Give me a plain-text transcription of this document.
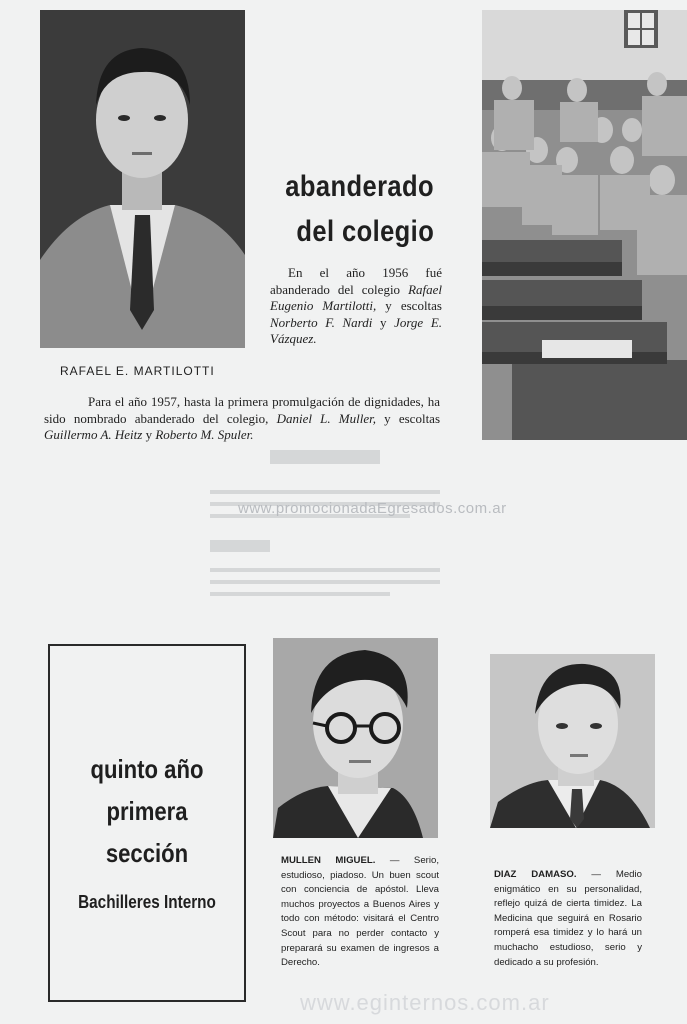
RAFAEL E. MARTILOTTI
abanderado
del colegio
En el año 1956 fué abanderado del colegio Rafael Eugenio Martilotti, y escoltas Norberto F. Nardi y Jorge E. Vázquez.
Para el año 1957, hasta la primera promulgación de dignidades, ha sido nombrado abanderado del colegio, Daniel L. Muller, y escoltas Guillermo A. Heitz y Roberto M. Spuler.
www.promocionadaEgresados.com.ar
quinto año
primera
sección
Bachilleres Interno
MULLEN MIGUEL. — Serio, estudioso, piadoso. Un buen scout con conciencia de apóstol. Lleva muchos proyectos a Buenos Aires y todo con método: visitará el Centro Scout para no perder contacto y preparará su examen de ingresos a Derecho.
DIAZ DAMASO. — Medio enigmático en su personalidad, reflejo quizá de cierta timidez. La Medicina que seguirá en Rosario romperá esa timidez y lo hará un muchacho estudioso, serio y dedicado a su profesión.
www.eginternos.com.ar
